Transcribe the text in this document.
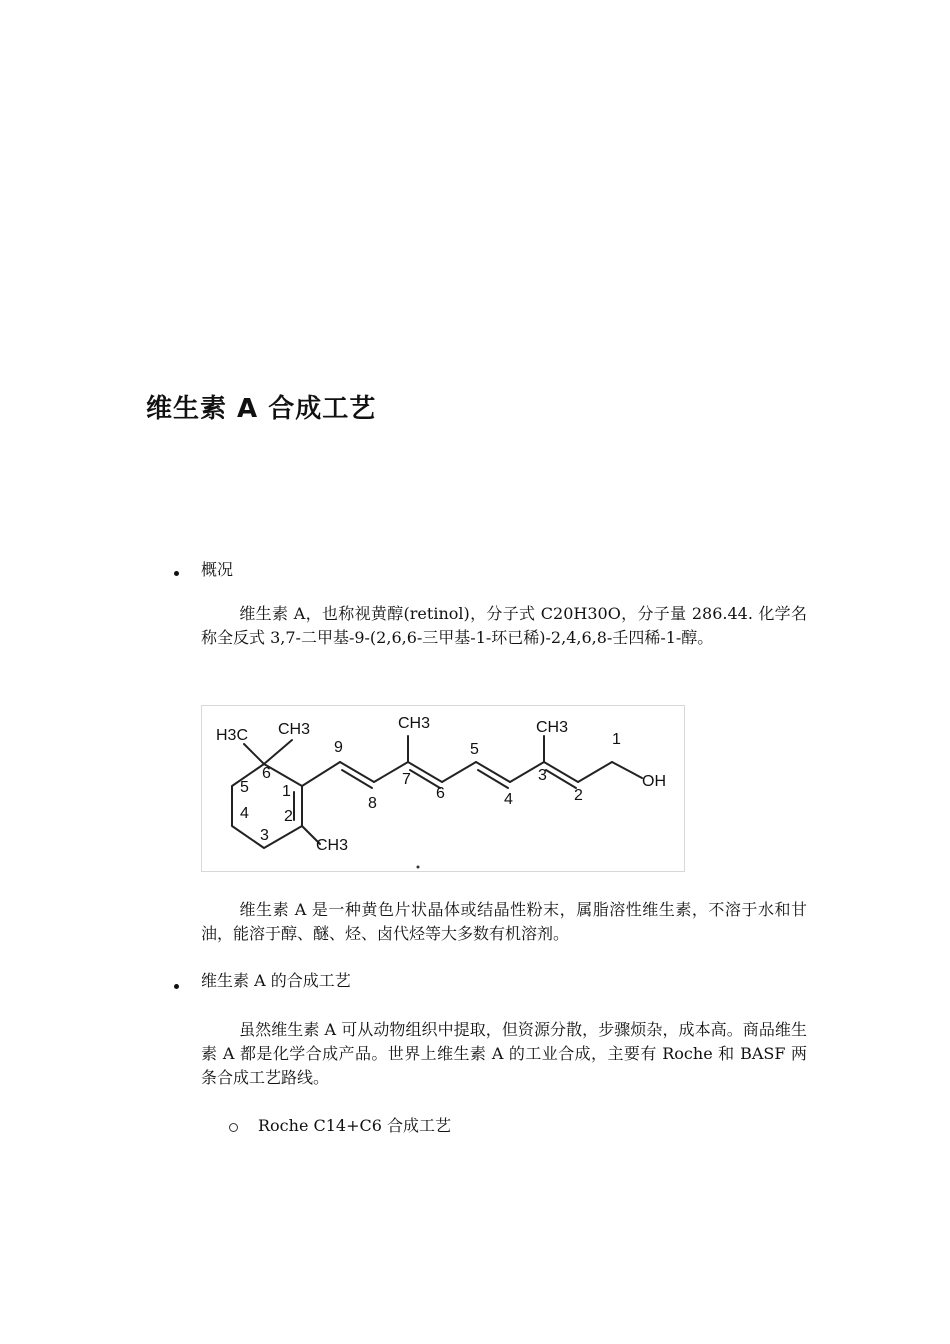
维生素 A 合成工艺
概况
维生素 A，也称视黄醇(retinol)，分子式 C20H30O，分子量 286.44. 化学名称全反式 3,7-二甲基-9-(2,6,6-三甲基-1-环已稀)-2,4,6,8-壬四稀-1-醇。
H3C CH3	CH3	CH3
CH3
OH
1
2
3
4
5
6
9
8
7
6
5
4
3
2
1
维生素 A 是一种黄色片状晶体或结晶性粉末，属脂溶性维生素，不溶于水和甘油，能溶于醇、醚、烃、卤代烃等大多数有机溶剂。
维生素 A 的合成工艺
虽然维生素 A 可从动物组织中提取，但资源分散，步骤烦杂，成本高。商品维生素 A 都是化学合成产品。世界上维生素 A 的工业合成，主要有 Roche 和 BASF 两条合成工艺路线。
Roche C14+C6 合成工艺
